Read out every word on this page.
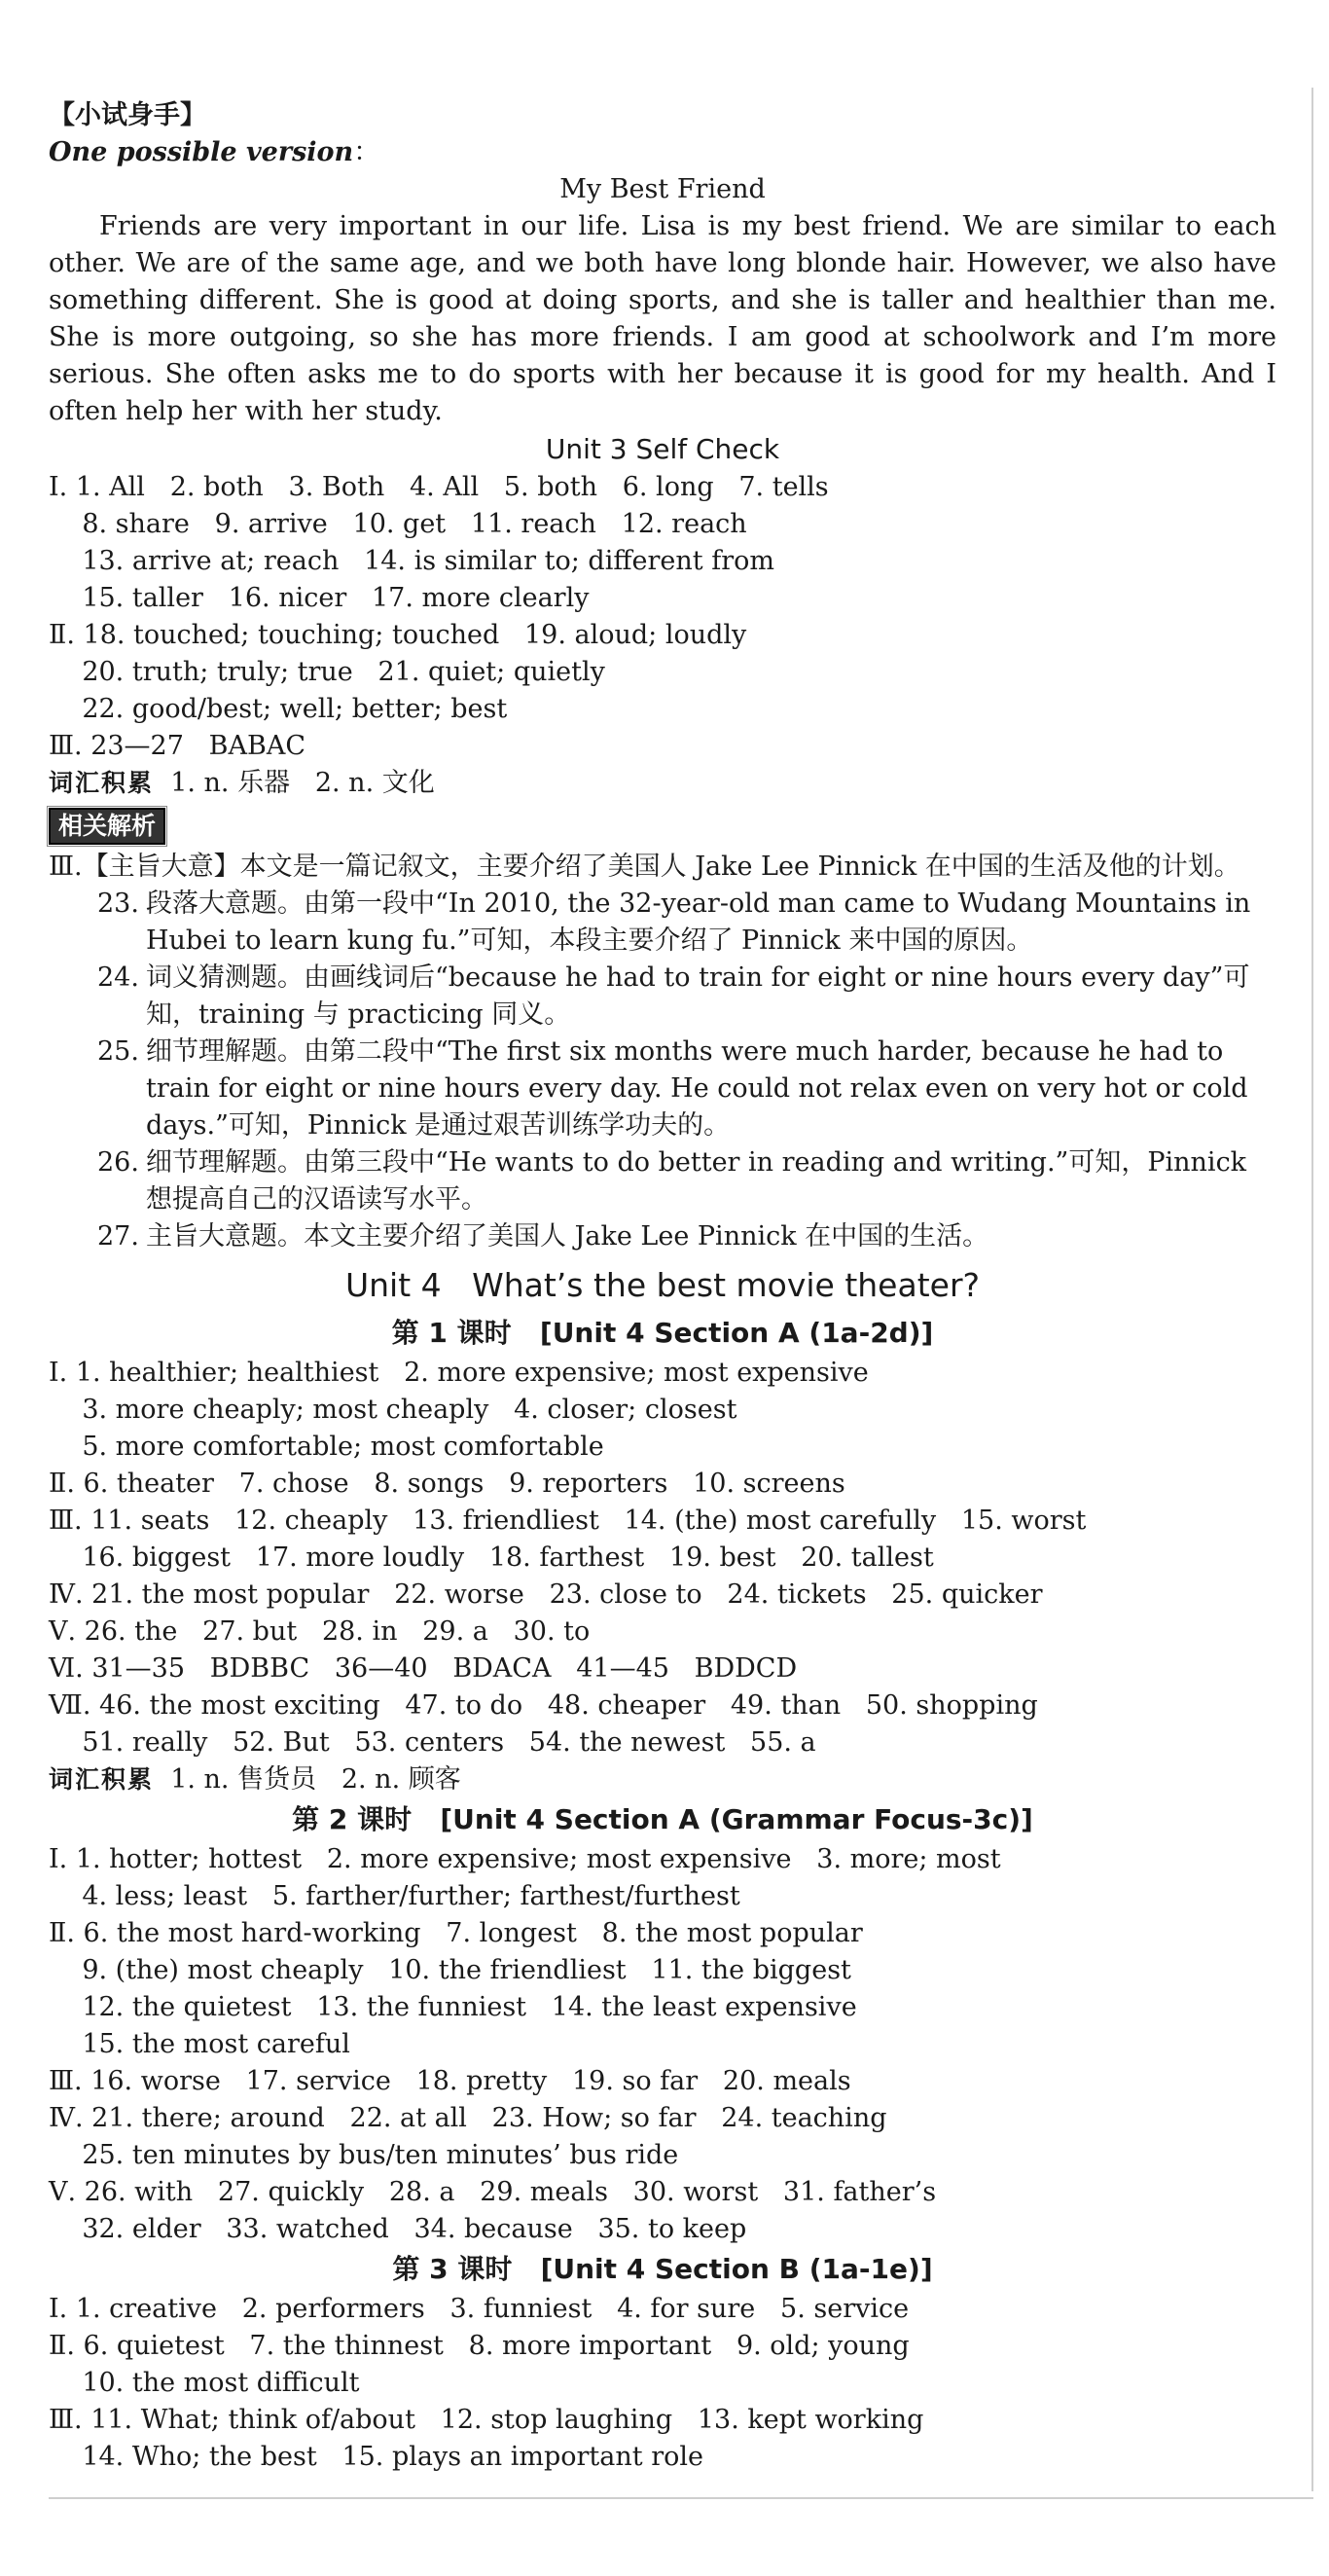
【小试身手】
One possible version：
My Best Friend

Friends are very important in our life. Lisa is my best friend. We are similar to each other. We are of the same age, and we both have long blonde hair. However, we also have something different. She is good at doing sports, and she is taller and healthier than me. She is more outgoing, so she has more friends. I am good at schoolwork and I’m more serious. She often asks me to do sports with her because it is good for my health. And I often help her with her study.

Unit 3 Self Check
Ⅰ. 1. All   2. both   3. Both   4. All   5. both   6. long   7. tells
8. share   9. arrive   10. get   11. reach   12. reach
13. arrive at; reach   14. is similar to; different from
15. taller   16. nicer   17. more clearly
Ⅱ. 18. touched; touching; touched   19. aloud; loudly
20. truth; truly; true   21. quiet; quietly
22. good/best; well; better; best
Ⅲ. 23—27   BABAC
词汇积累 1. n. 乐器   2. n. 文化
相关解析
Ⅲ.【主旨大意】本文是一篇记叙文，主要介绍了美国人 Jake Lee Pinnick 在中国的生活及他的计划。
23. 段落大意题。由第一段中“In 2010, the 32-year-old man came to Wudang Mountains in Hubei to learn kung fu.”可知，本段主要介绍了 Pinnick 来中国的原因。
24. 词义猜测题。由画线词后“because he had to train for eight or nine hours every day”可知，training 与 practicing 同义。
25. 细节理解题。由第二段中“The first six months were much harder, because he had to train for eight or nine hours every day. He could not relax even on very hot or cold days.”可知，Pinnick 是通过艰苦训练学功夫的。
26. 细节理解题。由第三段中“He wants to do better in reading and writing.”可知，Pinnick 想提高自己的汉语读写水平。
27. 主旨大意题。本文主要介绍了美国人 Jake Lee Pinnick 在中国的生活。
Unit 4   What’s the best movie theater?
第 1 课时   [Unit 4 Section A (1a-2d)]
Ⅰ. 1. healthier; healthiest   2. more expensive; most expensive
3. more cheaply; most cheaply   4. closer; closest
5. more comfortable; most comfortable
Ⅱ. 6. theater   7. chose   8. songs   9. reporters   10. screens
Ⅲ. 11. seats   12. cheaply   13. friendliest   14. (the) most carefully   15. worst
16. biggest   17. more loudly   18. farthest   19. best   20. tallest
Ⅳ. 21. the most popular   22. worse   23. close to   24. tickets   25. quicker
Ⅴ. 26. the   27. but   28. in   29. a   30. to
Ⅵ. 31—35   BDBBC   36—40   BDACA   41—45   BDDCD
Ⅶ. 46. the most exciting   47. to do   48. cheaper   49. than   50. shopping
51. really   52. But   53. centers   54. the newest   55. a
词汇积累 1. n. 售货员   2. n. 顾客
第 2 课时   [Unit 4 Section A (Grammar Focus-3c)]
Ⅰ. 1. hotter; hottest   2. more expensive; most expensive   3. more; most
4. less; least   5. farther/further; farthest/furthest
Ⅱ. 6. the most hard-working   7. longest   8. the most popular
9. (the) most cheaply   10. the friendliest   11. the biggest
12. the quietest   13. the funniest   14. the least expensive
15. the most careful
Ⅲ. 16. worse   17. service   18. pretty   19. so far   20. meals
Ⅳ. 21. there; around   22. at all   23. How; so far   24. teaching
25. ten minutes by bus/ten minutes’ bus ride
Ⅴ. 26. with   27. quickly   28. a   29. meals   30. worst   31. father’s
32. elder   33. watched   34. because   35. to keep
第 3 课时   [Unit 4 Section B (1a-1e)]
Ⅰ. 1. creative   2. performers   3. funniest   4. for sure   5. service
Ⅱ. 6. quietest   7. the thinnest   8. more important   9. old; young
10. the most difficult
Ⅲ. 11. What; think of/about   12. stop laughing   13. kept working
14. Who; the best   15. plays an important role
